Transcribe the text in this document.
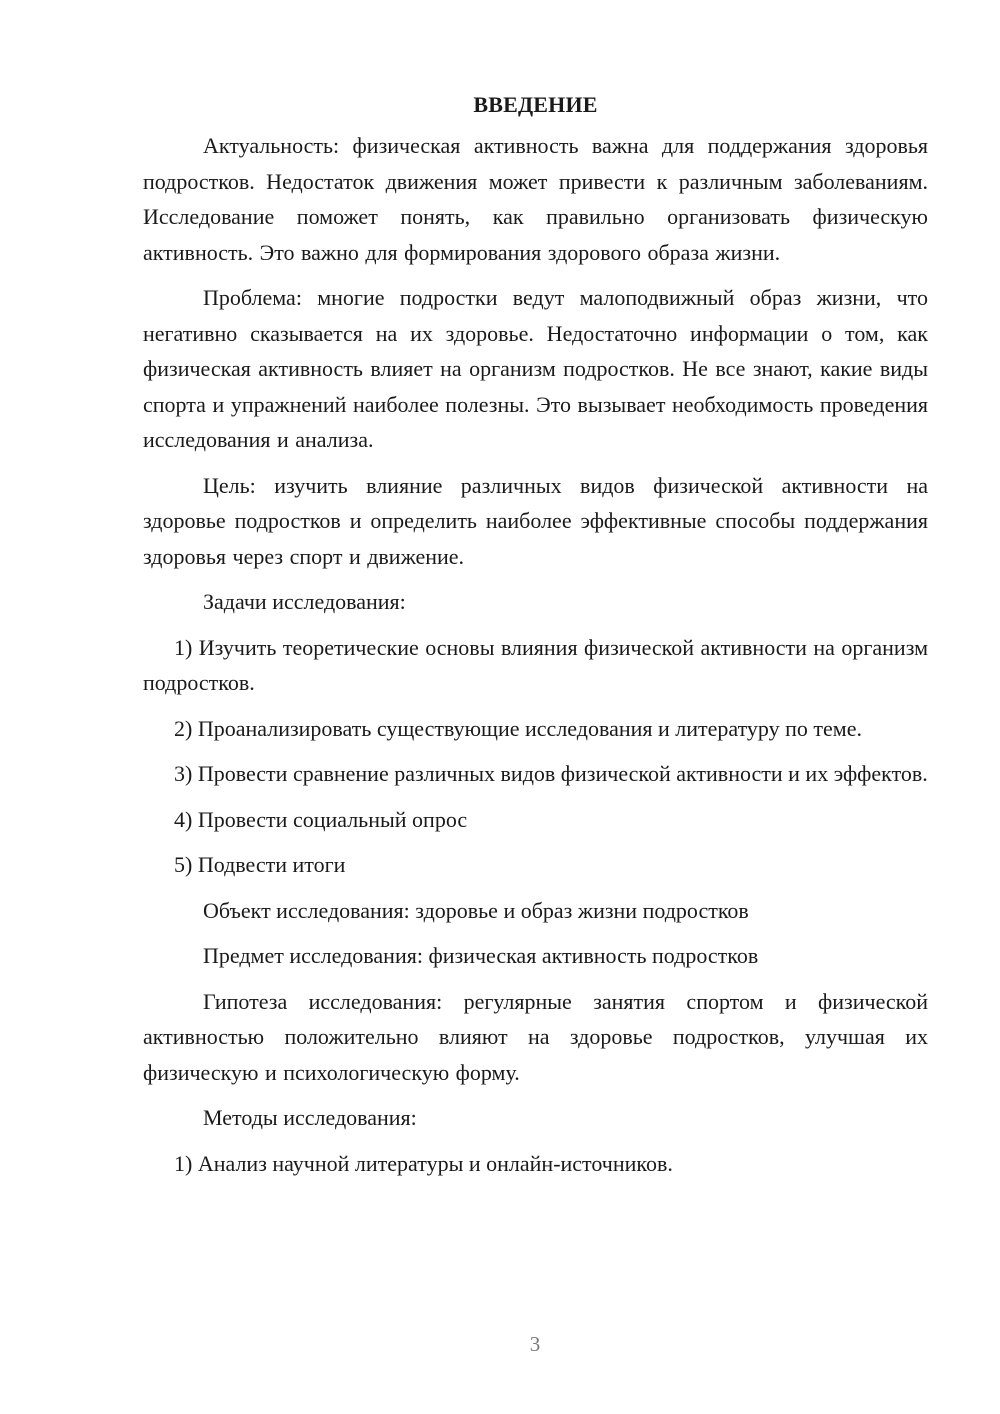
ВВЕДЕНИЕ

Актуальность: физическая активность важна для поддержания здоровья подростков. Недостаток движения может привести к различным заболеваниям. Исследование поможет понять, как правильно организовать физическую активность. Это важно для формирования здорового образа жизни.

Проблема: многие подростки ведут малоподвижный образ жизни, что негативно сказывается на их здоровье. Недостаточно информации о том, как физическая активность влияет на организм подростков. Не все знают, какие виды спорта и упражнений наиболее полезны. Это вызывает необходимость проведения исследования и анализа.

Цель: изучить влияние различных видов физической активности на здоровье подростков и определить наиболее эффективные способы поддержания здоровья через спорт и движение.

Задачи исследования:

1) Изучить теоретические основы влияния физической активности на организм подростков.

2) Проанализировать существующие исследования и литературу по теме.

3) Провести сравнение различных видов физической активности и их эффектов.

4) Провести социальный опрос

5) Подвести итоги

Объект исследования: здоровье и образ жизни подростков

Предмет исследования: физическая активность подростков

Гипотеза исследования: регулярные занятия спортом и физической активностью положительно влияют на здоровье подростков, улучшая их физическую и психологическую форму.

Методы исследования:

1) Анализ научной литературы и онлайн-источников.

3
